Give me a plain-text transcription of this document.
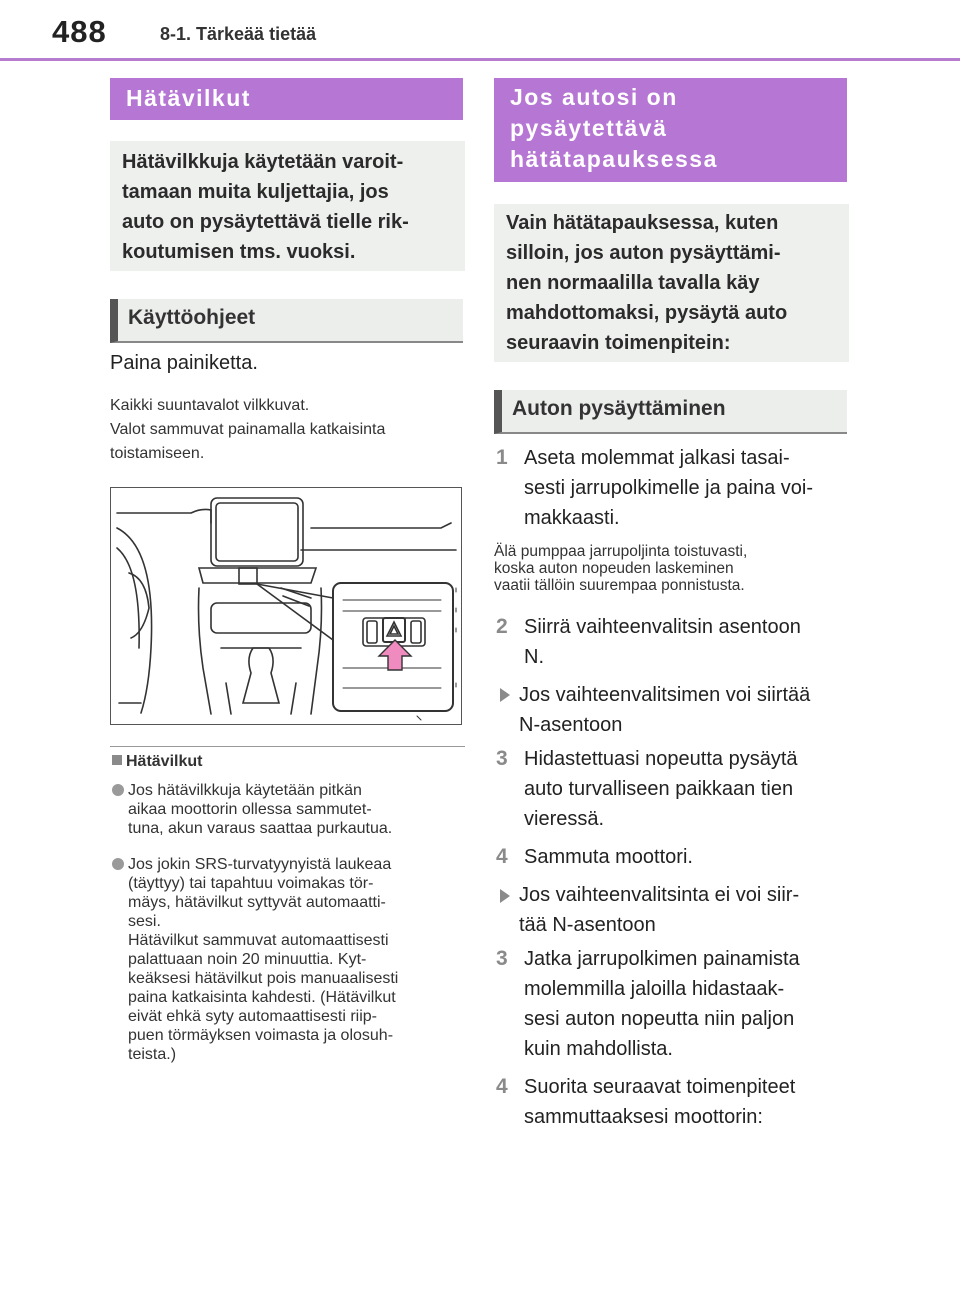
488	8-1. Tärkeää tietää
Hätävilkut
Hätävilkkuja käytetään varoit-
tamaan muita kuljettajia, jos
auto on pysäytettävä tielle rik-
koutumisen tms. vuoksi.
Käyttöohjeet
Paina painiketta.
Kaikki suuntavalot vilkkuvat.
Valot sammuvat painamalla katkaisinta
toistamiseen.
Hätävilkut
Jos hätävilkkuja käytetään pitkän
aikaa moottorin ollessa sammutet-
tuna, akun varaus saattaa purkautua.
Jos jokin SRS-turvatyynyistä laukeaa
(täyttyy) tai tapahtuu voimakas tör-
mäys, hätävilkut syttyvät automaatti-
sesi.
Hätävilkut sammuvat automaattisesti
palattuaan noin 20 minuuttia. Kyt-
keäksesi hätävilkut pois manuaalisesti
paina katkaisinta kahdesti. (Hätävilkut
eivät ehkä syty automaattisesti riip-
puen törmäyksen voimasta ja olosuh-
teista.)
Jos autosi on
pysäytettävä
hätätapauksessa
Vain hätätapauksessa, kuten
silloin, jos auton pysäyttämi-
nen normaalilla tavalla käy
mahdottomaksi, pysäytä auto
seuraavin toimenpitein:
Auton pysäyttäminen
1 Aseta molemmat jalkasi tasai-
sesti jarrupolkimelle ja paina voi-
makkaasti.
Älä pumppaa jarrupoljinta toistuvasti,
koska auton nopeuden laskeminen
vaatii tällöin suurempaa ponnistusta.
2 Siirrä vaihteenvalitsin asentoon
N.
Jos vaihteenvalitsimen voi siirtää
N-asentoon
3 Hidastettuasi nopeutta pysäytä
auto turvalliseen paikkaan tien
vieressä.
4 Sammuta moottori.
Jos vaihteenvalitsinta ei voi siir-
tää N-asentoon
3 Jatka jarrupolkimen painamista
molemmilla jaloilla hidastaak-
sesi auton nopeutta niin paljon
kuin mahdollista.
4 Suorita seuraavat toimenpiteet
sammuttaaksesi moottorin:
